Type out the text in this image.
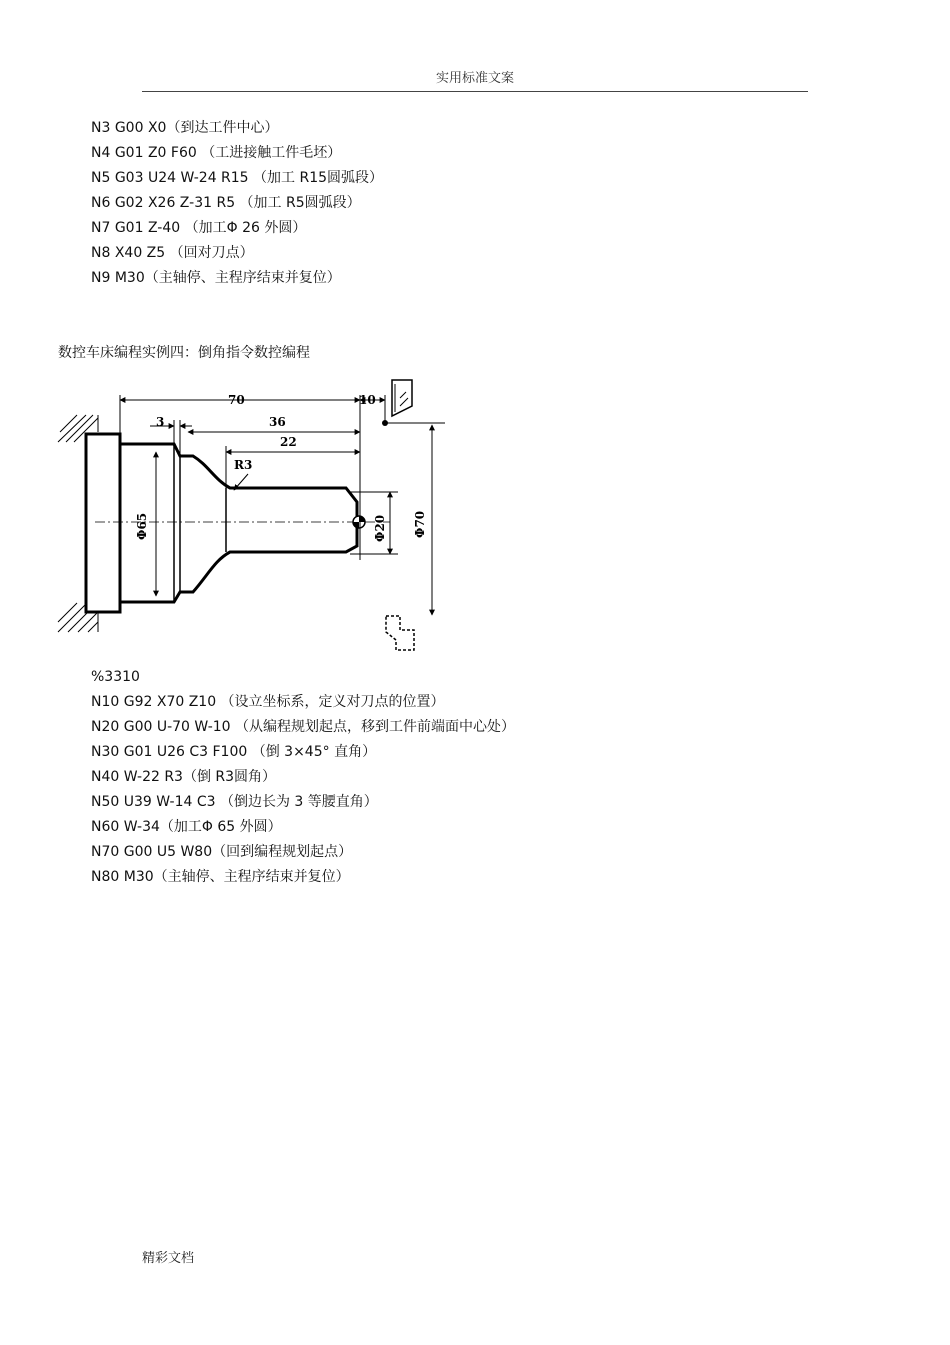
实用标准文案
N3 G00 X0（到达工件中心）
N4 G01 Z0 F60 （工进接触工件毛坯）
N5 G03 U24 W-24 R15 （加工 R15圆弧段）
N6 G02 X26 Z-31 R5 （加工 R5圆弧段）
N7 G01 Z-40 （加工Φ 26 外圆）
N8 X40 Z5 （回对刀点）
N9 M30（主轴停、主程序结束并复位）
数控车床编程实例四：倒角指令数控编程
70	10
3	36
22
R3
Φ65	Φ20 Φ70
%3310
N10 G92 X70 Z10 （设立坐标系，定义对刀点的位置）
N20 G00 U-70 W-10 （从编程规划起点，移到工件前端面中心处）
N30 G01 U26 C3 F100 （倒 3×45° 直角）
N40 W-22 R3（倒 R3圆角）
N50 U39 W-14 C3 （倒边长为 3 等腰直角）
N60 W-34（加工Φ 65 外圆）
N70 G00 U5 W80（回到编程规划起点）
N80 M30（主轴停、主程序结束并复位）
精彩文档
